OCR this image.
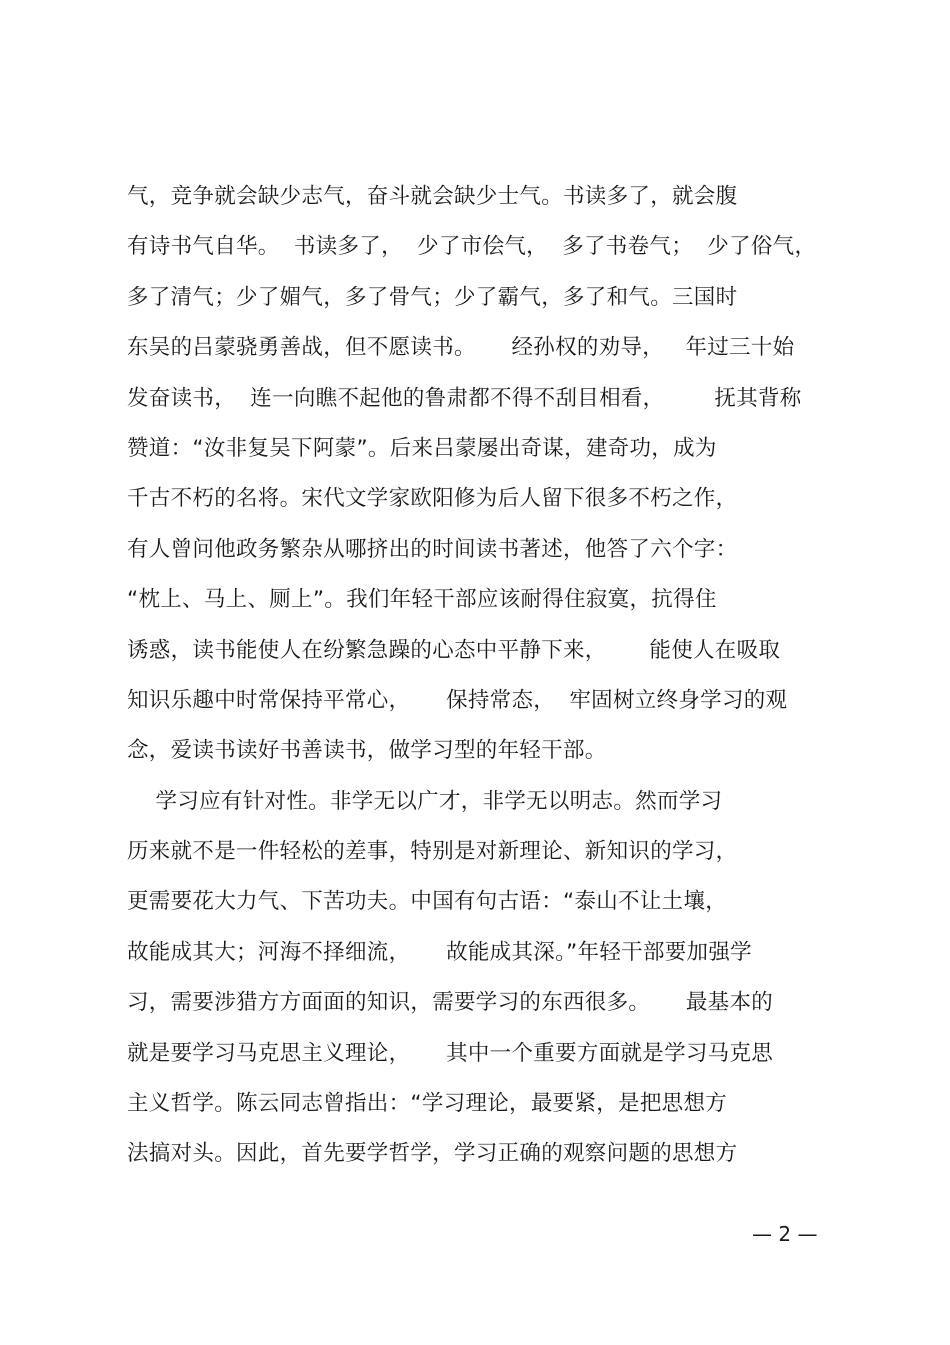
气，竞争就会缺少志气，奋斗就会缺少士气。书读多了，就会腹
有诗书气自华。  书读多了，  少了市侩气，  多了书卷气；  少了俗气，
多了清气；少了媚气，多了骨气；少了霸气，多了和气。三国时
东吴的吕蒙骁勇善战，但不愿读书。     经孙权的劝导，   年过三十始
发奋读书，  连一向瞧不起他的鲁肃都不得不刮目相看，       抚其背称
赞道：“汝非复吴下阿蒙”。后来吕蒙屡出奇谋，建奇功，成为
千古不朽的名将。宋代文学家欧阳修为后人留下很多不朽之作，
有人曾问他政务繁杂从哪挤出的时间读书著述，他答了六个字：
“枕上、马上、厕上”。我们年轻干部应该耐得住寂寞，抗得住
诱惑，读书能使人在纷繁急躁的心态中平静下来，      能使人在吸取
知识乐趣中时常保持平常心，     保持常态，  牢固树立终身学习的观
念，爱读书读好书善读书，做学习型的年轻干部。
学习应有针对性。非学无以广才，非学无以明志。然而学习
历来就不是一件轻松的差事，特别是对新理论、新知识的学习，
更需要花大力气、下苦功夫。中国有句古语：“泰山不让土壤，
故能成其大；河海不择细流，     故能成其深。”年轻干部要加强学
习，需要涉猎方方面面的知识，需要学习的东西很多。     最基本的
就是要学习马克思主义理论，     其中一个重要方面就是学习马克思
主义哲学。陈云同志曾指出：“学习理论，最要紧，是把思想方
法搞对头。因此，首先要学哲学，学习正确的观察问题的思想方
— 2 —
